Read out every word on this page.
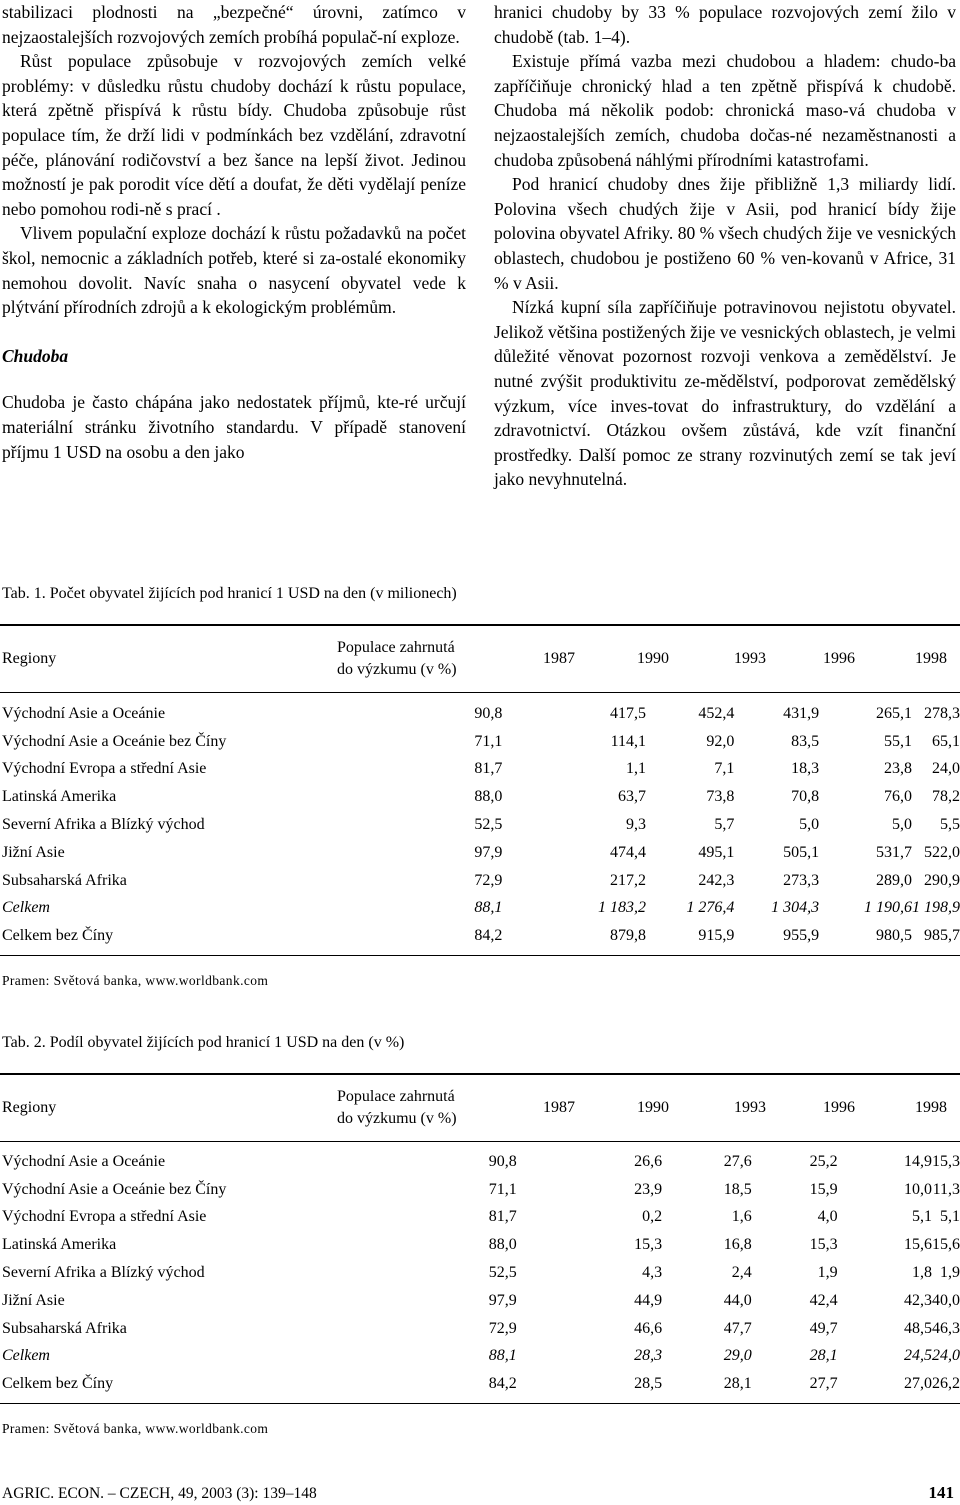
stabilizaci plodnosti na „bezpečné“ úrovni, zatímco v nejzaostalejších rozvojových zemích probíhá populač-ní exploze.

Růst populace způsobuje v rozvojových zemích velké problémy: v důsledku růstu chudoby dochází k růstu populace, která zpětně přispívá k růstu bídy. Chudoba způsobuje růst populace tím, že drží lidi v podmínkách bez vzdělání, zdravotní péče, plánování rodičovství a bez šance na lepší život. Jedinou možností je pak porodit více dětí a doufat, že děti vydělají peníze nebo pomohou rodi-ně s prací .

Vlivem populační exploze dochází k růstu požadavků na počet škol, nemocnic a základních potřeb, které si za-ostalé ekonomiky nemohou dovolit. Navíc snaha o nasycení obyvatel vede k plýtvání přírodních zdrojů a k ekologickým problémům.

Chudoba

Chudoba je často chápána jako nedostatek příjmů, kte-ré určují materiální stránku životního standardu. V případě stanovení příjmu 1 USD na osobu a den jako

hranici chudoby by 33 % populace rozvojových zemí žilo v chudobě (tab. 1–4).

Existuje přímá vazba mezi chudobou a hladem: chudo-ba zapříčiňuje chronický hlad a ten zpětně přispívá k chudobě. Chudoba má několik podob: chronická maso-vá chudoba v nejzaostalejších zemích, chudoba dočas-né nezaměstnanosti a chudoba způsobená náhlými přírodními katastrofami.

Pod hranicí chudoby dnes žije přibližně 1,3 miliardy lidí. Polovina všech chudých žije v Asii, pod hranicí bídy žije polovina obyvatel Afriky. 80 % všech chudých žije ve vesnických oblastech, chudobou je postiženo 60 % ven-kovanů v Africe, 31 % v Asii.

Nízká kupní síla zapříčiňuje potravinovou nejistotu obyvatel. Jelikož většina postižených žije ve vesnických oblastech, je velmi důležité věnovat pozornost rozvoji venkova a zemědělství. Je nutné zvýšit produktivitu ze-mědělství, podporovat zemědělský výzkum, více inves-tovat do infrastruktury, do vzdělání a zdravotnictví. Otázkou ovšem zůstává, kde vzít finanční prostředky. Další pomoc ze strany rozvinutých zemí se tak jeví jako nevyhnutelná.

Tab. 1. Počet obyvatel žijících pod hranicí 1 USD na den (v milionech)
Regiony
Populace zahrnutá
do výzkumu (v %)
1987	1990	1993	1996	1998
Východní Asie a Oceánie	90,8	417,5	452,4	431,9	265,1	278,3
Východní Asie a Oceánie bez Číny	71,1	114,1	92,0	83,5	55,1	65,1
Východní Evropa a střední Asie	81,7	1,1	7,1	18,3	23,8	24,0
Latinská Amerika	88,0	63,7	73,8	70,8	76,0	78,2
Severní Afrika a Blízký východ	52,5	9,3	5,7	5,0	5,0	5,5
Jižní Asie	97,9	474,4	495,1	505,1	531,7	522,0
Subsaharská Afrika	72,9	217,2	242,3	273,3	289,0	290,9
Celkem	88,1	1 183,2	1 276,4	1 304,3	1 190,6	1 198,9
Celkem bez Číny	84,2	879,8	915,9	955,9	980,5	985,7
Pramen: Světová banka, www.worldbank.com
Tab. 2. Podíl obyvatel žijících pod hranicí 1 USD na den (v %)
Regiony
Populace zahrnutá
do výzkumu (v %)
1987	1990	1993	1996	1998
Východní Asie a Oceánie	90,8	26,6	27,6	25,2	14,9	15,3
Východní Asie a Oceánie bez Číny	71,1	23,9	18,5	15,9	10,0	11,3
Východní Evropa a střední Asie	81,7	0,2	1,6	4,0	5,1	5,1
Latinská Amerika	88,0	15,3	16,8	15,3	15,6	15,6
Severní Afrika a Blízký východ	52,5	4,3	2,4	1,9	1,8	1,9
Jižní Asie	97,9	44,9	44,0	42,4	42,3	40,0
Subsaharská Afrika	72,9	46,6	47,7	49,7	48,5	46,3
Celkem	88,1	28,3	29,0	28,1	24,5	24,0
Celkem bez Číny	84,2	28,5	28,1	27,7	27,0	26,2
Pramen: Světová banka, www.worldbank.com
AGRIC. ECON. – CZECH, 49, 2003 (3): 139–148	141
